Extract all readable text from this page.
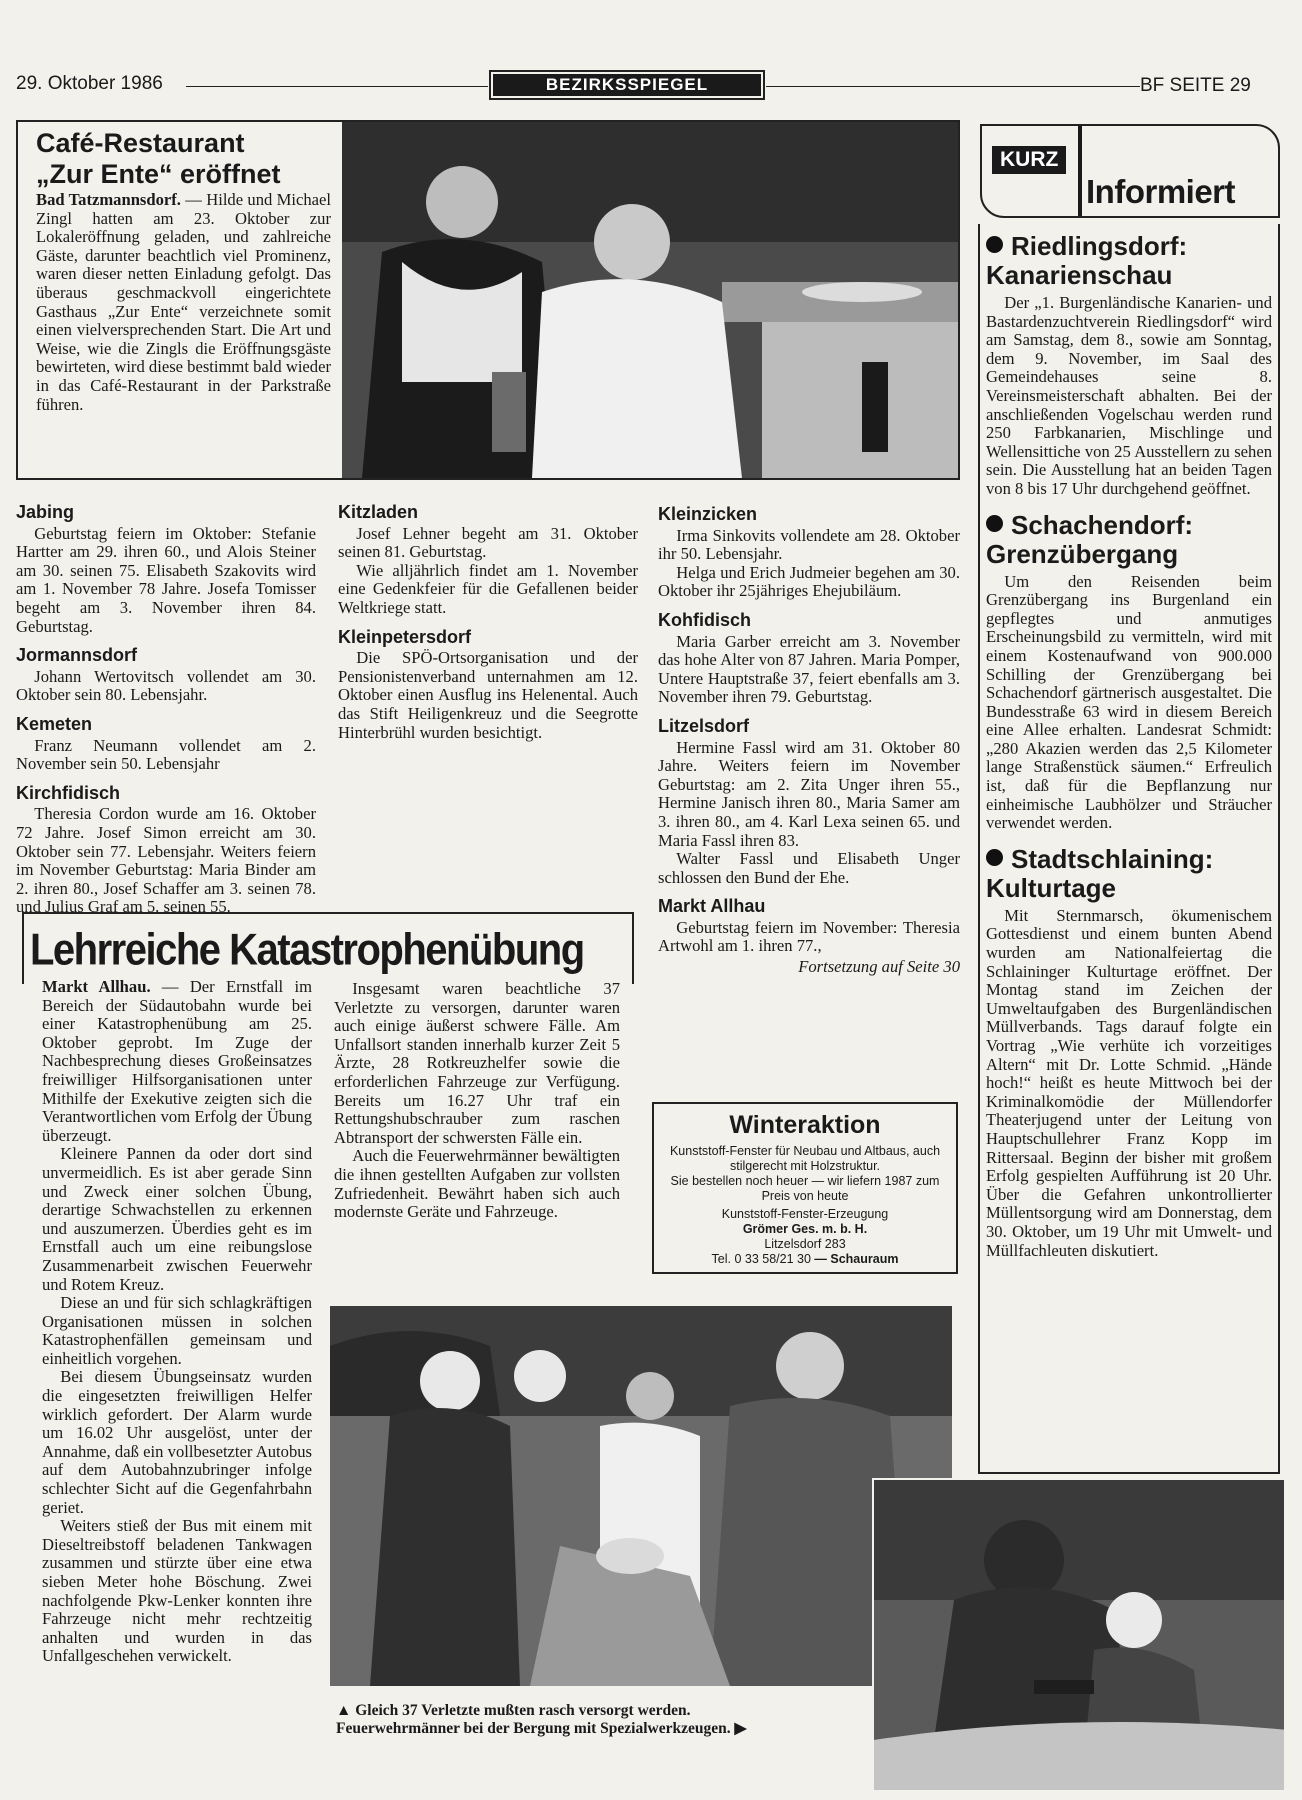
29. Oktober 1986	BEZIRKSSPIEGEL	BF SEITE 29
Café-Restaurant
„Zur Ente“ eröffnet

Bad Tatzmannsdorf. — Hilde und Michael Zingl hatten am 23. Oktober zur Lokaleröffnung geladen, und zahlreiche Gäste, darunter beachtlich viel Prominenz, waren dieser netten Einladung gefolgt. Das überaus geschmackvoll eingerichtete Gasthaus „Zur Ente“ verzeichnete somit einen vielversprechenden Start. Die Art und Weise, wie die Zingls die Eröffnungsgäste bewirteten, wird diese bestimmt bald wieder in das Café-Restaurant in der Parkstraße führen.

Jabing

Geburtstag feiern im Oktober: Stefanie Hartter am 29. ihren 60., und Alois Steiner am 30. seinen 75. Elisabeth Szakovits wird am 1. November 78 Jahre. Josefa Tomisser begeht am 3. November ihren 84. Geburtstag.

Jormannsdorf

Johann Wertovitsch vollendet am 30. Oktober sein 80. Lebensjahr.

Kemeten

Franz Neumann vollendet am 2. November sein 50. Lebensjahr

Kirchfidisch

Theresia Cordon wurde am 16. Oktober 72 Jahre. Josef Simon erreicht am 30. Oktober sein 77. Lebensjahr. Weiters feiern im November Geburtstag: Maria Binder am 2. ihren 80., Josef Schaffer am 3. seinen 78. und Julius Graf am 5. seinen 55.

Kitzladen

Josef Lehner begeht am 31. Oktober seinen 81. Geburtstag.

Wie alljährlich findet am 1. November eine Gedenkfeier für die Gefallenen beider Weltkriege statt.

Kleinpetersdorf

Die SPÖ-Ortsorganisation und der Pensionistenverband unternahmen am 12. Oktober einen Ausflug ins Helenental. Auch das Stift Heiligenkreuz und die Seegrotte Hinterbrühl wurden besichtigt.

Kleinzicken

Irma Sinkovits vollendete am 28. Oktober ihr 50. Lebensjahr.

Helga und Erich Judmeier begehen am 30. Oktober ihr 25jähriges Ehejubiläum.

Kohfidisch

Maria Garber erreicht am 3. November das hohe Alter von 87 Jahren. Maria Pomper, Untere Hauptstraße 37, feiert ebenfalls am 3. November ihren 79. Geburtstag.

Litzelsdorf

Hermine Fassl wird am 31. Oktober 80 Jahre. Weiters feiern im November Geburtstag: am 2. Zita Unger ihren 55., Hermine Janisch ihren 80., Maria Samer am 3. ihren 80., am 4. Karl Lexa seinen 65. und Maria Fassl ihren 83.

Walter Fassl und Elisabeth Unger schlossen den Bund der Ehe.

Markt Allhau

Geburtstag feiern im November: Theresia Artwohl am 1. ihren 77.,

Fortsetzung auf Seite 30

Lehrreiche Katastrophenübung

Markt Allhau. — Der Ernstfall im Bereich der Südautobahn wurde bei einer Katastrophenübung am 25. Oktober geprobt. Im Zuge der Nachbesprechung dieses Großeinsatzes freiwilliger Hilfsorganisationen unter Mithilfe der Exekutive zeigten sich die Verantwortlichen vom Erfolg der Übung überzeugt.

Kleinere Pannen da oder dort sind unvermeidlich. Es ist aber gerade Sinn und Zweck einer solchen Übung, derartige Schwachstellen zu erkennen und auszumerzen. Überdies geht es im Ernstfall auch um eine reibungslose Zusammenarbeit zwischen Feuerwehr und Rotem Kreuz.

Diese an und für sich schlagkräftigen Organisationen müssen in solchen Katastrophenfällen gemeinsam und einheitlich vorgehen.

Bei diesem Übungseinsatz wurden die eingesetzten freiwilligen Helfer wirklich gefordert. Der Alarm wurde um 16.02 Uhr ausgelöst, unter der Annahme, daß ein vollbesetzter Autobus auf dem Autobahnzubringer infolge schlechter Sicht auf die Gegenfahrbahn geriet.

Weiters stieß der Bus mit einem mit Dieseltreibstoff beladenen Tankwagen zusammen und stürzte über eine etwa sieben Meter hohe Böschung. Zwei nachfolgende Pkw-Lenker konnten ihre Fahrzeuge nicht mehr rechtzeitig anhalten und wurden in das Unfallgeschehen verwickelt.

Insgesamt waren beachtliche 37 Verletzte zu versorgen, darunter waren auch einige äußerst schwere Fälle. Am Unfallsort standen innerhalb kurzer Zeit 5 Ärzte, 28 Rotkreuzhelfer sowie die erforderlichen Fahrzeuge zur Verfügung. Bereits um 16.27 Uhr traf ein Rettungshubschrauber zum raschen Abtransport der schwersten Fälle ein.

Auch die Feuerwehrmänner bewältigten die ihnen gestellten Aufgaben zur vollsten Zufriedenheit. Bewährt haben sich auch modernste Geräte und Fahrzeuge.

Winteraktion
Kunststoff-Fenster für Neubau und Altbaus, auch stilgerecht mit Holzstruktur.
Sie bestellen noch heuer — wir liefern 1987 zum Preis von heute
Kunststoff-Fenster-Erzeugung
Grömer Ges. m. b. H.
Litzelsdorf 283
Tel. 0 33 58/21 30 — Schauraum
▲ Gleich 37 Verletzte mußten rasch versorgt werden.
Feuerwehrmänner bei der Bergung mit Spezialwerkzeugen. ▶
KURZ
Informiert
Riedlingsdorf: Kanarienschau

Der „1. Burgenländische Kanarien- und Bastardenzuchtverein Riedlingsdorf“ wird am Samstag, dem 8., sowie am Sonntag, dem 9. November, im Saal des Gemeindehauses seine 8. Vereinsmeisterschaft abhalten. Bei der anschließenden Vogelschau werden rund 250 Farbkanarien, Mischlinge und Wellensittiche von 25 Ausstellern zu sehen sein. Die Ausstellung hat an beiden Tagen von 8 bis 17 Uhr durchgehend geöffnet.

Schachendorf: Grenzübergang

Um den Reisenden beim Grenzübergang ins Burgenland ein gepflegtes und anmutiges Erscheinungsbild zu vermitteln, wird mit einem Kostenaufwand von 900.000 Schilling der Grenzübergang bei Schachendorf gärtnerisch ausgestaltet. Die Bundesstraße 63 wird in diesem Bereich eine Allee erhalten. Landesrat Schmidt: „280 Akazien werden das 2,5 Kilometer lange Straßenstück säumen.“ Erfreulich ist, daß für die Bepflanzung nur einheimische Laubhölzer und Sträucher verwendet werden.

Stadtschlaining: Kulturtage

Mit Sternmarsch, ökumenischem Gottesdienst und einem bunten Abend wurden am Nationalfeiertag die Schlaininger Kulturtage eröffnet. Der Montag stand im Zeichen der Umweltaufgaben des Burgenländischen Müllverbands. Tags darauf folgte ein Vortrag „Wie verhüte ich vorzeitiges Altern“ mit Dr. Lotte Schmid. „Hände hoch!“ heißt es heute Mittwoch bei der Kriminalkomödie der Müllendorfer Theaterjugend unter der Leitung von Hauptschullehrer Franz Kopp im Rittersaal. Beginn der bisher mit großem Erfolg gespielten Aufführung ist 20 Uhr. Über die Gefahren unkontrollierter Müllentsorgung wird am Donnerstag, dem 30. Oktober, um 19 Uhr mit Umwelt- und Müllfachleuten diskutiert.
